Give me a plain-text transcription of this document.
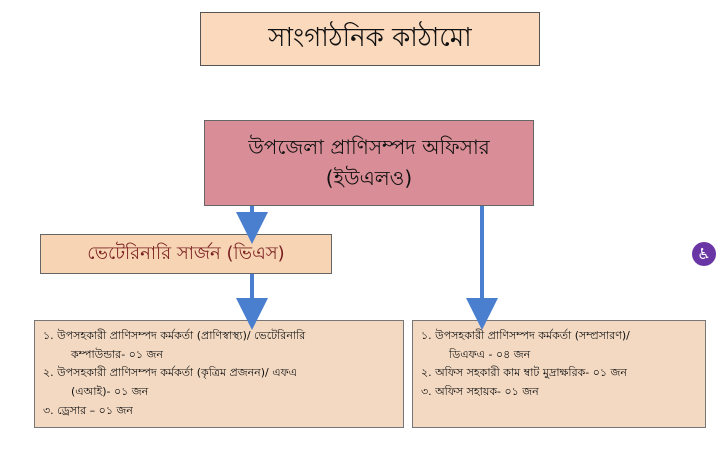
সাংগাঠনিক কাঠামো
উপজেলা প্রাণিসম্পদ অফিসার
(ইউএলও)
ভেটেরিনারি সার্জন (ভিএস)

১. উপসহকারী প্রাণিসম্পদ কর্মকর্তা (প্রাণিস্বাস্থ্য)/ ভেটেরিনারি

কম্পাউন্ডার- ০১ জন

২. উপসহকারী প্রাণিসম্পদ কর্মকর্তা (কৃত্রিম প্রজনন)/ এফএ

(এআই)- ০১ জন

৩. ড্রেসার – ০১ জন

১. উপসহকারী প্রাণিসম্পদ কর্মকর্তা (সম্প্রসারণ)/

ডিএফএ - ০৪ জন

২. অফিস সহকারী কাম ম্বাট মুদ্রাক্ষরিক- ০১ জন

৩. অফিস সহায়ক- ০১ জন

♿
